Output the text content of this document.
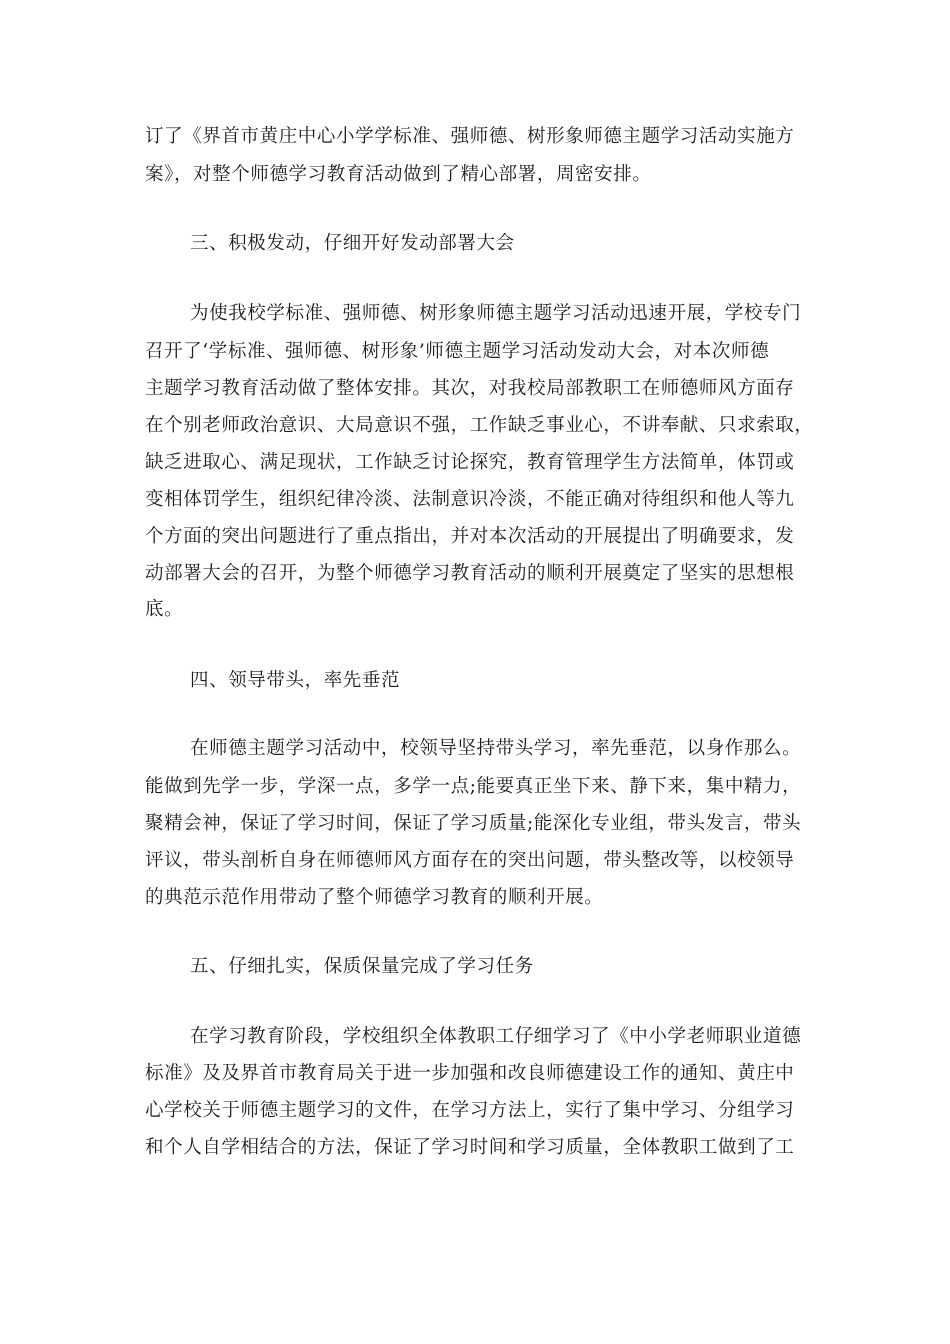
订了《界首市黄庄中心小学学标准、强师德、树形象师德主题学习活动实施方
案》，对整个师德学习教育活动做到了精心部署，周密安排。
三、积极发动，仔细开好发动部署大会
为使我校学标准、强师德、树形象师德主题学习活动迅速开展，学校专门
召开了‘学标准、强师德、树形象’师德主题学习活动发动大会，对本次师德
主题学习教育活动做了整体安排。其次，对我校局部教职工在师德师风方面存
在个别老师政治意识、大局意识不强，工作缺乏事业心，不讲奉献、只求索取，
缺乏进取心、满足现状，工作缺乏讨论探究，教育管理学生方法简单，体罚或
变相体罚学生，组织纪律冷淡、法制意识冷淡，不能正确对待组织和他人等九
个方面的突出问题进行了重点指出，并对本次活动的开展提出了明确要求，发
动部署大会的召开，为整个师德学习教育活动的顺利开展奠定了坚实的思想根
底。
四、领导带头，率先垂范
在师德主题学习活动中，校领导坚持带头学习，率先垂范，以身作那么。
能做到先学一步，学深一点，多学一点;能要真正坐下来、静下来，集中精力，
聚精会神，保证了学习时间，保证了学习质量;能深化专业组，带头发言，带头
评议，带头剖析自身在师德师风方面存在的突出问题，带头整改等，以校领导
的典范示范作用带动了整个师德学习教育的顺利开展。
五、仔细扎实，保质保量完成了学习任务
在学习教育阶段，学校组织全体教职工仔细学习了《中小学老师职业道德
标准》及及界首市教育局关于进一步加强和改良师德建设工作的通知、黄庄中
心学校关于师德主题学习的文件，在学习方法上，实行了集中学习、分组学习
和个人自学相结合的方法，保证了学习时间和学习质量，全体教职工做到了工
